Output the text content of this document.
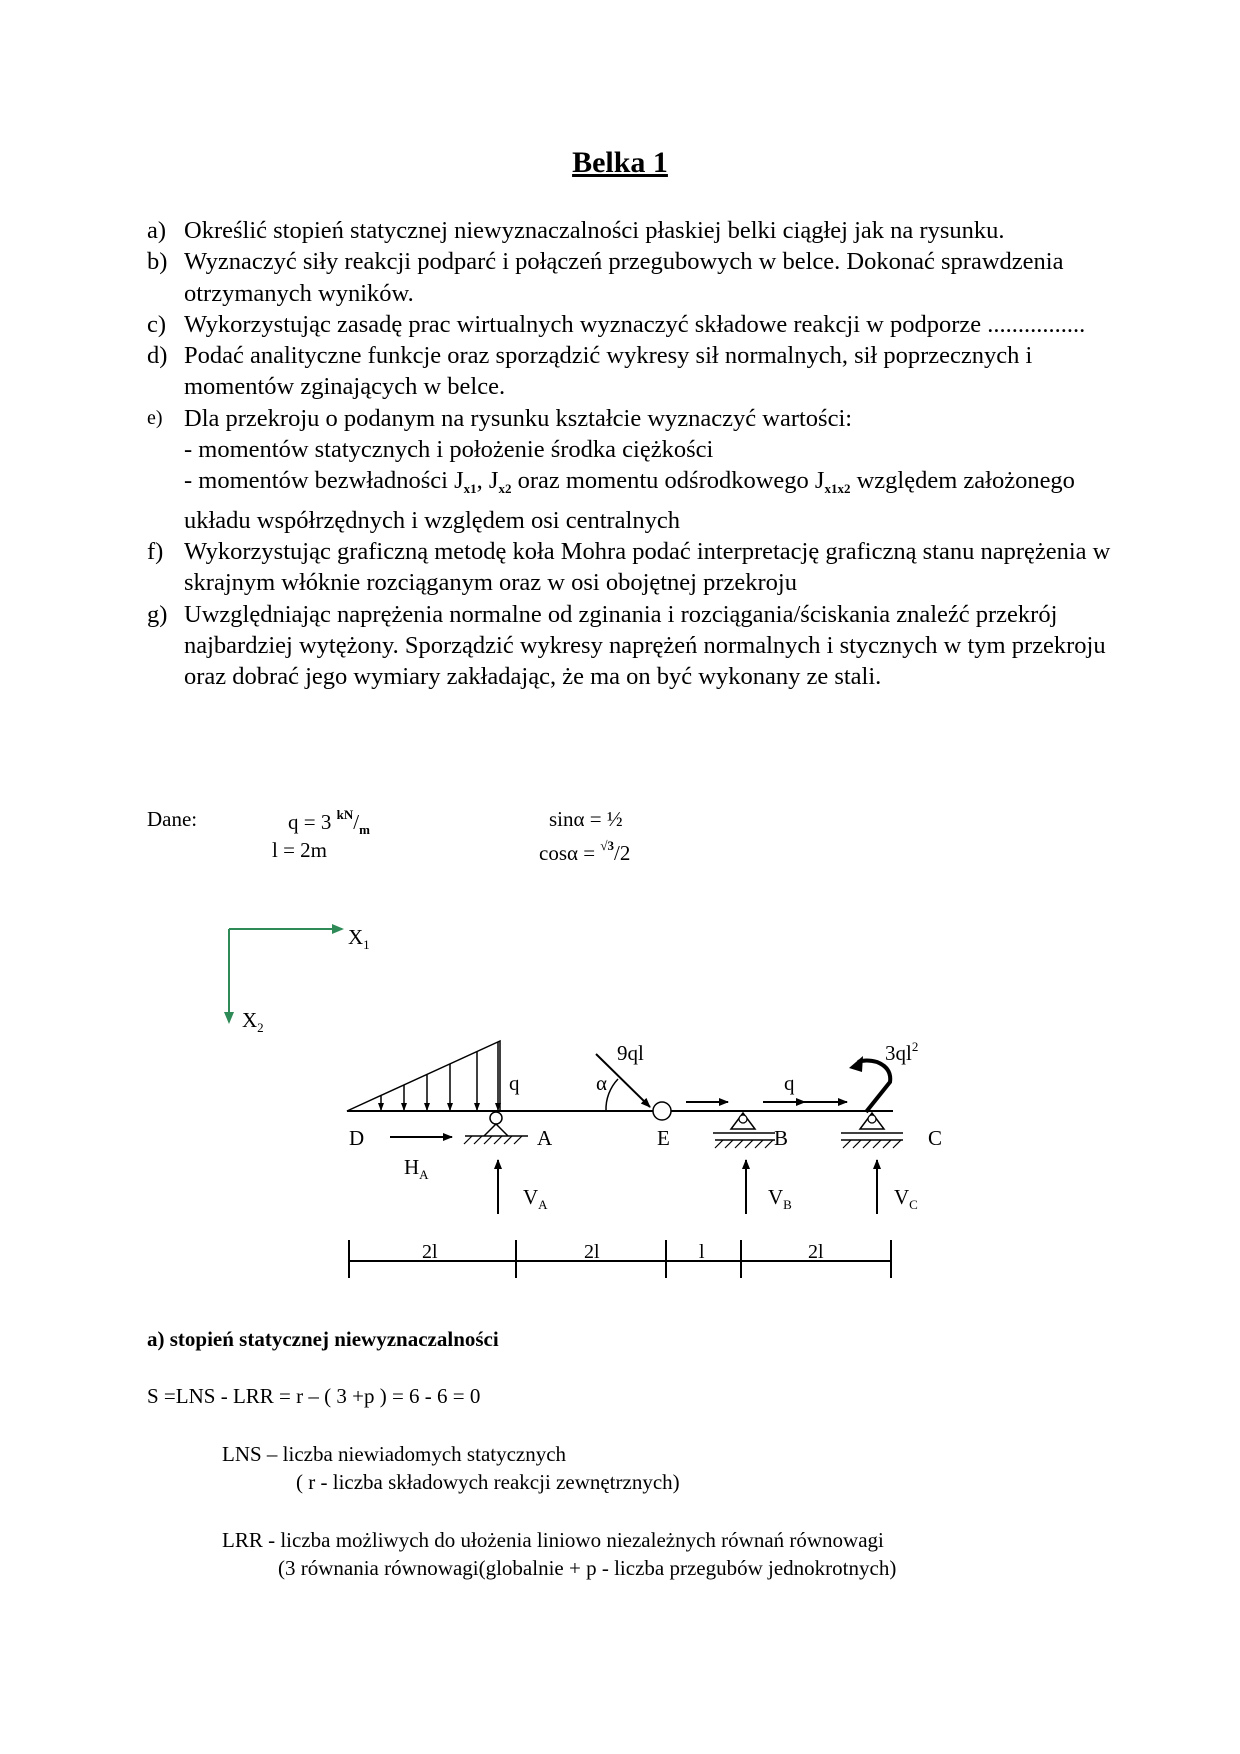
Belka 1
a) Określić stopień statycznej niewyznaczalności płaskiej belki ciągłej jak na rysunku.
b) Wyznaczyć siły reakcji podparć i połączeń przegubowych w belce. Dokonać sprawdzenia otrzymanych wyników.
c) Wykorzystując zasadę prac wirtualnych wyznaczyć składowe reakcji w podporze ................
d) Podać analityczne funkcje oraz sporządzić wykresy sił normalnych, sił poprzecznych i momentów zginających w belce.
e) Dla przekroju o podanym na rysunku kształcie wyznaczyć wartości:
- momentów statycznych i położenie środka ciężkości
- momentów bezwładności $J_{x1}$, $J_{x2}$ oraz momentu odśrodkowego $J_{x1x2}$ względem założonego układu współrzędnych i względem osi centralnych
f) Wykorzystując graficzną metodę koła Mohra podać interpretację graficzną stanu naprężenia w skrajnym włóknie rozciąganym oraz w osi obojętnej przekroju
g) Uwzględniając naprężenia normalne od zginania i rozciągania/ściskania znaleźć przekrój najbardziej wytężony. Sporządzić wykresy naprężeń normalnych i stycznych w tym przekroju oraz dobrać jego wymiary zakładając, że ma on być wykonany ze stali.
Dane:	q = 3 $^{kN}/_m$
l = 2m
sinα = ½
cosα = $^{√3}$/2
$X_1$
$X_2$
q
9ql
α	q
$3ql^2$
D	A	E	B	C
$H_A$
$V_A$	$V_B$	$V_C$
2l	2l	l	2l
a) stopień statycznej niewyznaczalności
S =LNS - LRR = r – ( 3 +p ) = 6 - 6 = 0
LNS – liczba niewiadomych statycznych
( r - liczba składowych reakcji zewnętrznych)
LRR - liczba możliwych do ułożenia liniowo niezależnych równań równowagi
(3 równania równowagi(globalnie + p - liczba przegubów jednokrotnych)
